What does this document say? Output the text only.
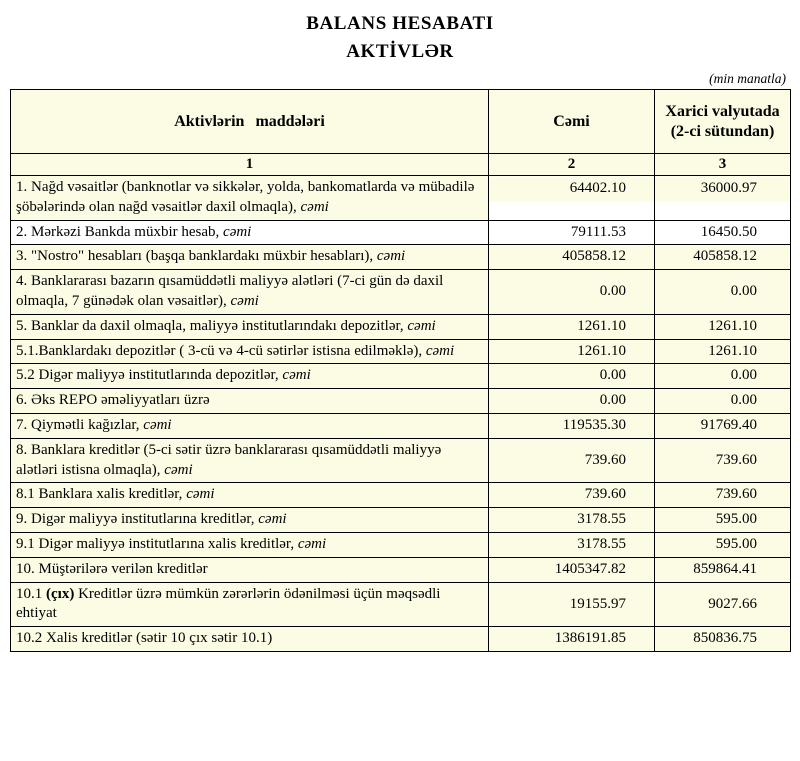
BALANS HESABATI
AKTİVLƏR
(min manatla)
Aktivlərin maddələri	Cəmi	Xarici valyutada (2-ci sütundan)
1	2	3
1. Nağd vəsaitlər (banknotlar və sikkələr, yolda, bankomatlarda və mübadilə şöbələrində olan nağd vəsaitlər daxil olmaqla), cəmi	64402.10	36000.97
2. Mərkəzi Bankda müxbir hesab, cəmi	79111.53	16450.50
3. "Nostro" hesabları (başqa banklardakı müxbir hesabları), cəmi	405858.12	405858.12
4. Banklararası bazarın qısamüddətli maliyyə alətləri (7-ci gün də daxil olmaqla, 7 günədək olan vəsaitlər), cəmi	0.00	0.00
5. Banklar da daxil olmaqla, maliyyə institutlarındakı depozitlər, cəmi	1261.10	1261.10
5.1.Banklardakı depozitlər ( 3-cü və 4-cü sətirlər istisna edilməklə), cəmi	1261.10	1261.10
5.2 Digər maliyyə institutlarında depozitlər, cəmi	0.00	0.00
6. Əks REPO əməliyyatları üzrə	0.00	0.00
7. Qiymətli kağızlar, cəmi	119535.30	91769.40
8. Banklara kreditlər (5-ci sətir üzrə banklararası qısamüddətli maliyyə alətləri istisna olmaqla), cəmi	739.60	739.60
8.1 Banklara xalis kreditlər, cəmi	739.60	739.60
9. Digər maliyyə institutlarına kreditlər, cəmi	3178.55	595.00
9.1 Digər maliyyə institutlarına xalis kreditlər, cəmi	3178.55	595.00
10. Müştərilərə verilən kreditlər	1405347.82	859864.41
10.1 (çıx) Kreditlər üzrə mümkün zərərlərin ödənilməsi üçün məqsədli ehtiyat	19155.97	9027.66
10.2 Xalis kreditlər (sətir 10 çıx sətir 10.1)	1386191.85	850836.75
